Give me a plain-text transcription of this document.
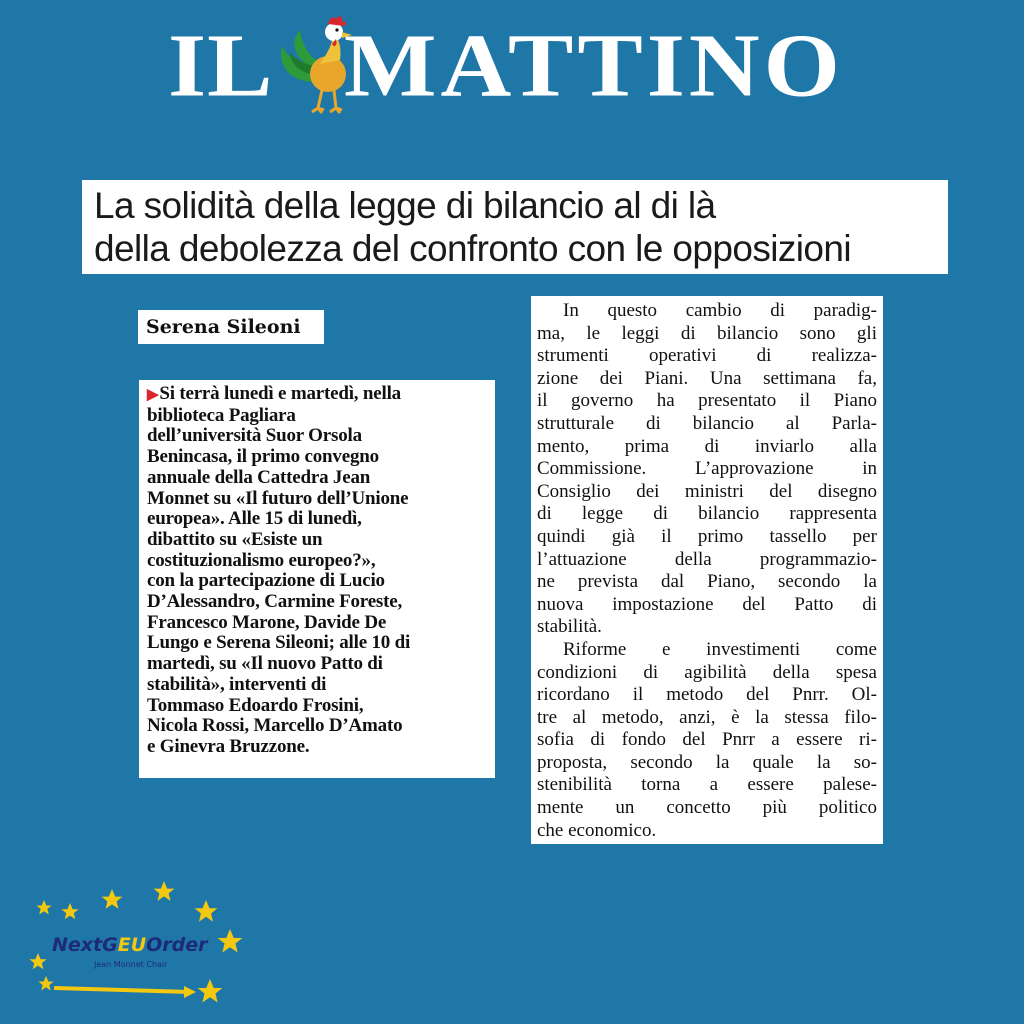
IL MATTINO
La solidità della legge di bilancio al di là
della debolezza del confronto con le opposizioni
Serena Sileoni
▶Si terrà lunedì e martedì, nella
biblioteca Pagliara
dell’università Suor Orsola
Benincasa, il primo convegno
annuale della Cattedra Jean
Monnet su «Il futuro dell’Unione
europea». Alle 15 di lunedì,
dibattito su «Esiste un
costituzionalismo europeo?»,
con la partecipazione di Lucio
D’Alessandro, Carmine Foreste,
Francesco Marone, Davide De
Lungo e Serena Sileoni; alle 10 di
martedì, su «Il nuovo Patto di
stabilità», interventi di
Tommaso Edoardo Frosini,
Nicola Rossi, Marcello D’Amato
e Ginevra Bruzzone.
In questo cambio di paradig-
ma, le leggi di bilancio sono gli
strumenti operativi di realizza-
zione dei Piani. Una settimana fa,
il governo ha presentato il Piano
strutturale di bilancio al Parla-
mento, prima di inviarlo alla
Commissione.	L’approvazione	in
Consiglio dei ministri del disegno
di legge di bilancio rappresenta
quindi già il primo tassello per
l’attuazione	della	programmazio-
ne prevista dal Piano, secondo la
nuova impostazione del Patto di
stabilità.
Riforme e investimenti come
condizioni di agibilità della spesa
ricordano il metodo del Pnrr. Ol-
tre al metodo, anzi, è la stessa filo-
sofia di fondo del Pnrr a essere ri-
proposta, secondo la quale la so-
stenibilità torna a essere palese-
mente un concetto più politico
che economico.
NextGEUOrder
Jean Monnet Chair
